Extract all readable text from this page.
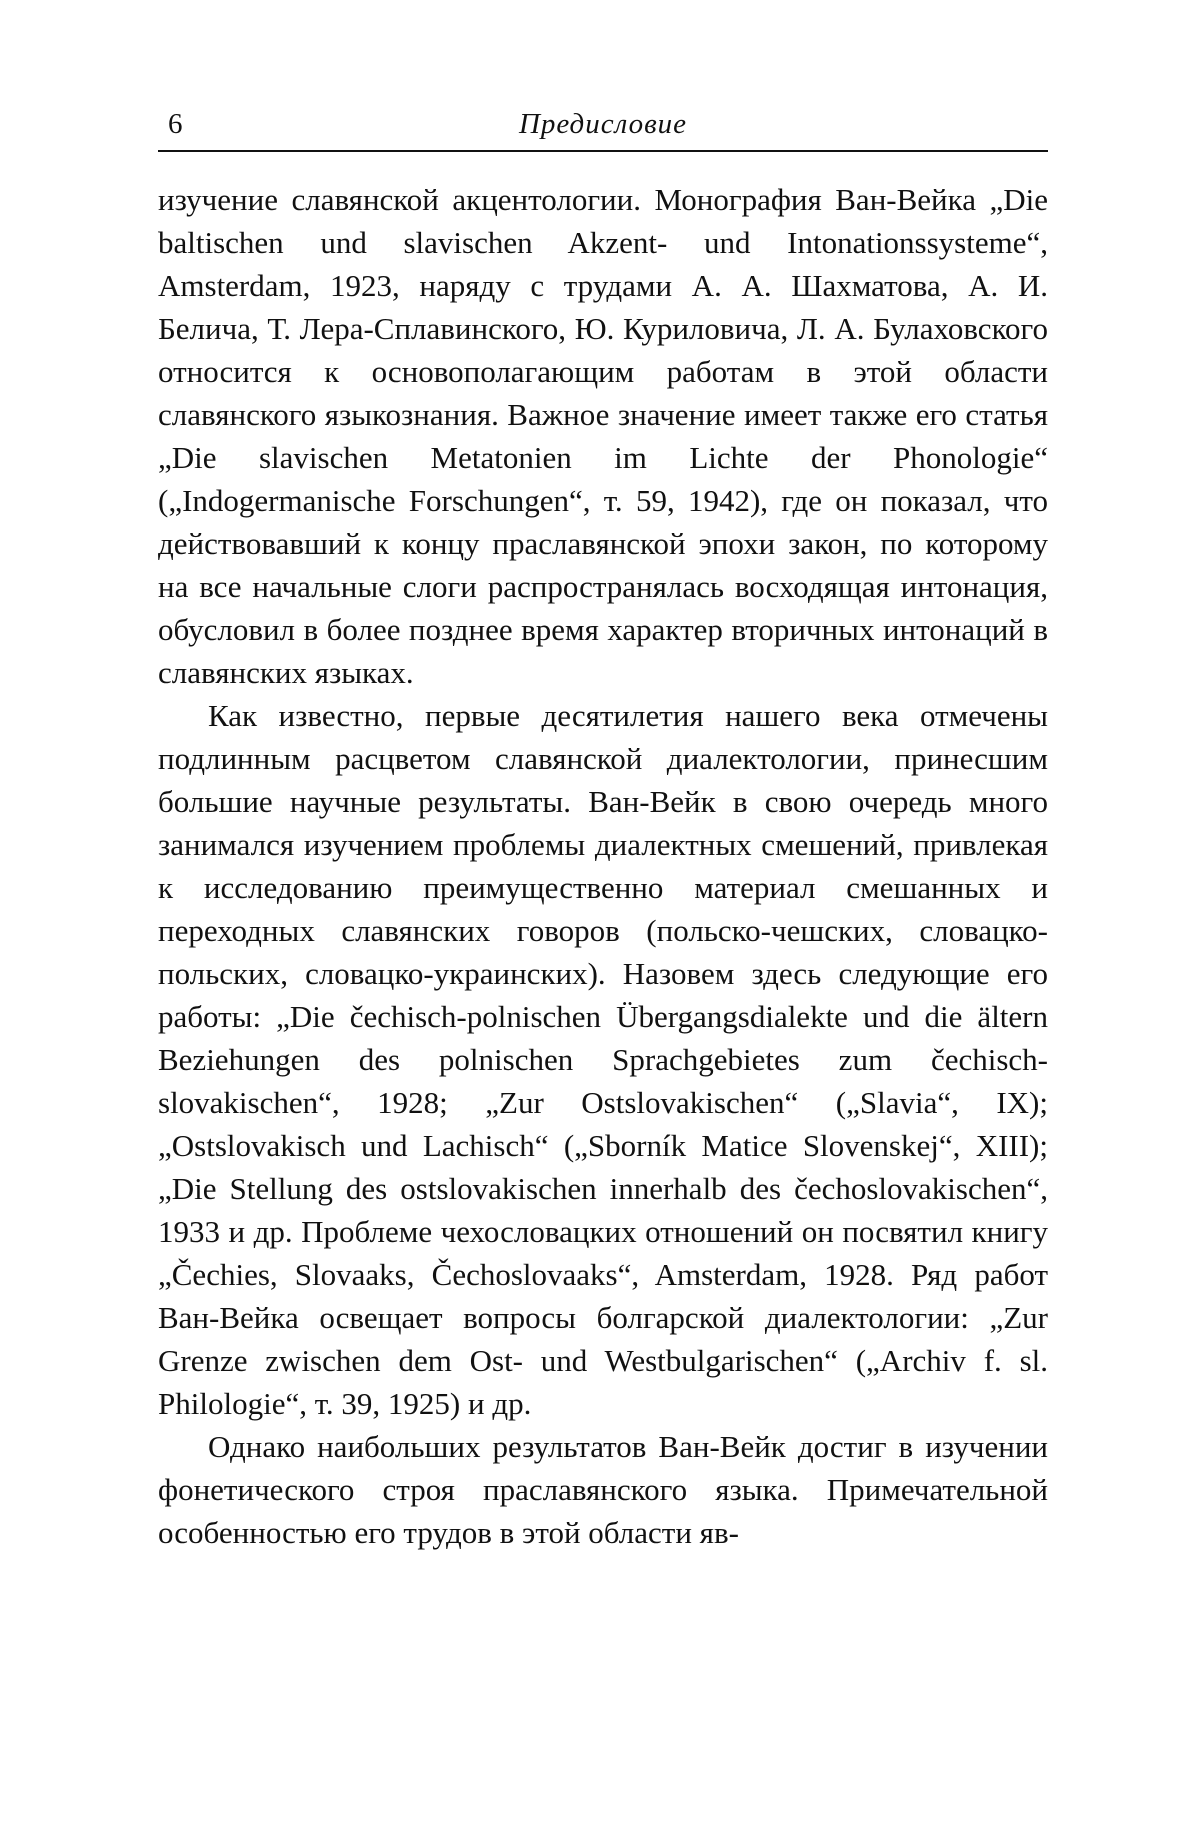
6	Предисловие

изучение славянской акцентологии. Монография Ван-Вейка „Die baltischen und slavischen Akzent- und Intonationssysteme“, Amsterdam, 1923, наряду с трудами А. А. Шахматова, А. И. Белича, Т. Лера-Сплавинского, Ю. Куриловича, Л. А. Булаховского относится к основополагающим работам в этой области славянского языкознания. Важное значение имеет также его статья „Die slavischen Metatonien im Lichte der Phonologie“ („Indogermanische Forschungen“, т. 59, 1942), где он показал, что действовавший к концу праславянской эпохи закон, по которому на все начальные слоги распространялась восходящая интонация, обусловил в более позднее время характер вторичных интонаций в славянских языках.

Как известно, первые десятилетия нашего века отмечены подлинным расцветом славянской диалектологии, принесшим большие научные результаты. Ван-Вейк в свою очередь много занимался изучением проблемы диалектных смешений, привлекая к исследованию преимущественно материал смешанных и переходных славянских говоров (польско-чешских, словацко-польских, словацко-украинских). Назовем здесь следующие его работы: „Die čechisch-polnischen Übergangsdialekte und die ältern Beziehungen des polnischen Sprachgebietes zum čechisch-slovakischen“, 1928; „Zur Ostslovakischen“ („Slavia“, IX); „Ostslovakisch und Lachisch“ („Sborník Matice Slovenskej“, XIII); „Die Stellung des ostslovakischen innerhalb des čechoslovakischen“, 1933 и др. Проблеме чехословацких отношений он посвятил книгу „Čechies, Slovaaks, Čechoslovaaks“, Amsterdam, 1928. Ряд работ Ван-Вейка освещает вопросы болгарской диалектологии: „Zur Grenze zwischen dem Ost- und Westbulgarischen“ („Archiv f. sl. Philologie“, т. 39, 1925) и др.

Однако наибольших результатов Ван-Вейк достиг в изучении фонетического строя праславянского языка. Примечательной особенностью его трудов в этой области яв-
